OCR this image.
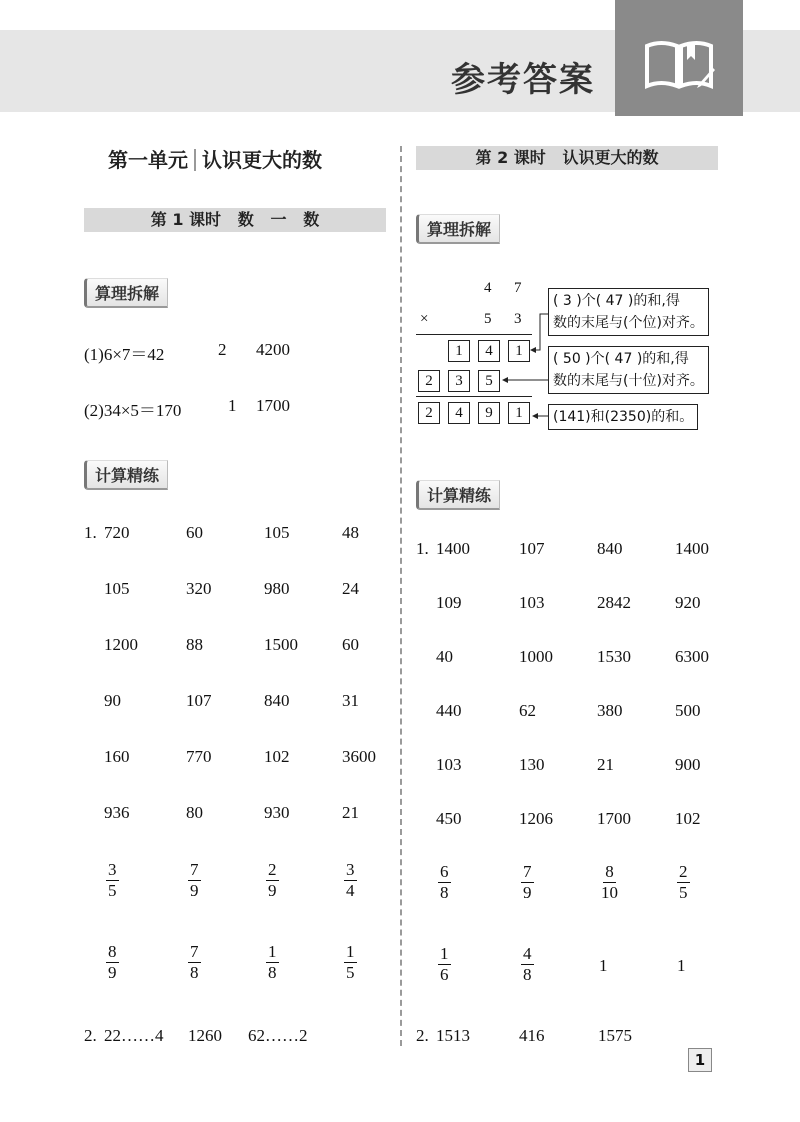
参考答案
第一单元 认识更大的数
第 1 课时   数   一   数
算理拆解
(1)6×7＝42	2 4200
(2)34×5＝170	1 1700
计算精练
1. 720	60	105	48
105	320	980	24
1200	88	1500	60
90	107	840	31
160	770	102	3600
936	80	930	21
$\frac{3}{5}$	$\frac{7}{9}$	$\frac{2}{9}$	$\frac{3}{4}$
$\frac{8}{9}$	$\frac{7}{8}$	$\frac{1}{8}$	$\frac{1}{5}$
2. 22……4 1260 62……2
第 2 课时   认识更大的数
算理拆解
4 7
×	5 3
1	4	1
2	3	5
2	4	9	1
( 3 )个( 47 )的和,得
数的末尾与(个位)对齐。
( 50 )个( 47 )的和,得
数的末尾与(十位)对齐。
(141)和(2350)的和。
计算精练
1. 1400	107	840	1400
109	103	2842	920
40	1000	1530	6300
440	62	380	500
103	130	21	900
450	1206	1700	102
$\frac{6}{8}$	$\frac{7}{9}$	$\frac{8}{10}$	$\frac{2}{5}$
$\frac{1}{6}$	$\frac{4}{8}$	1	1
2. 1513	416	1575
1
